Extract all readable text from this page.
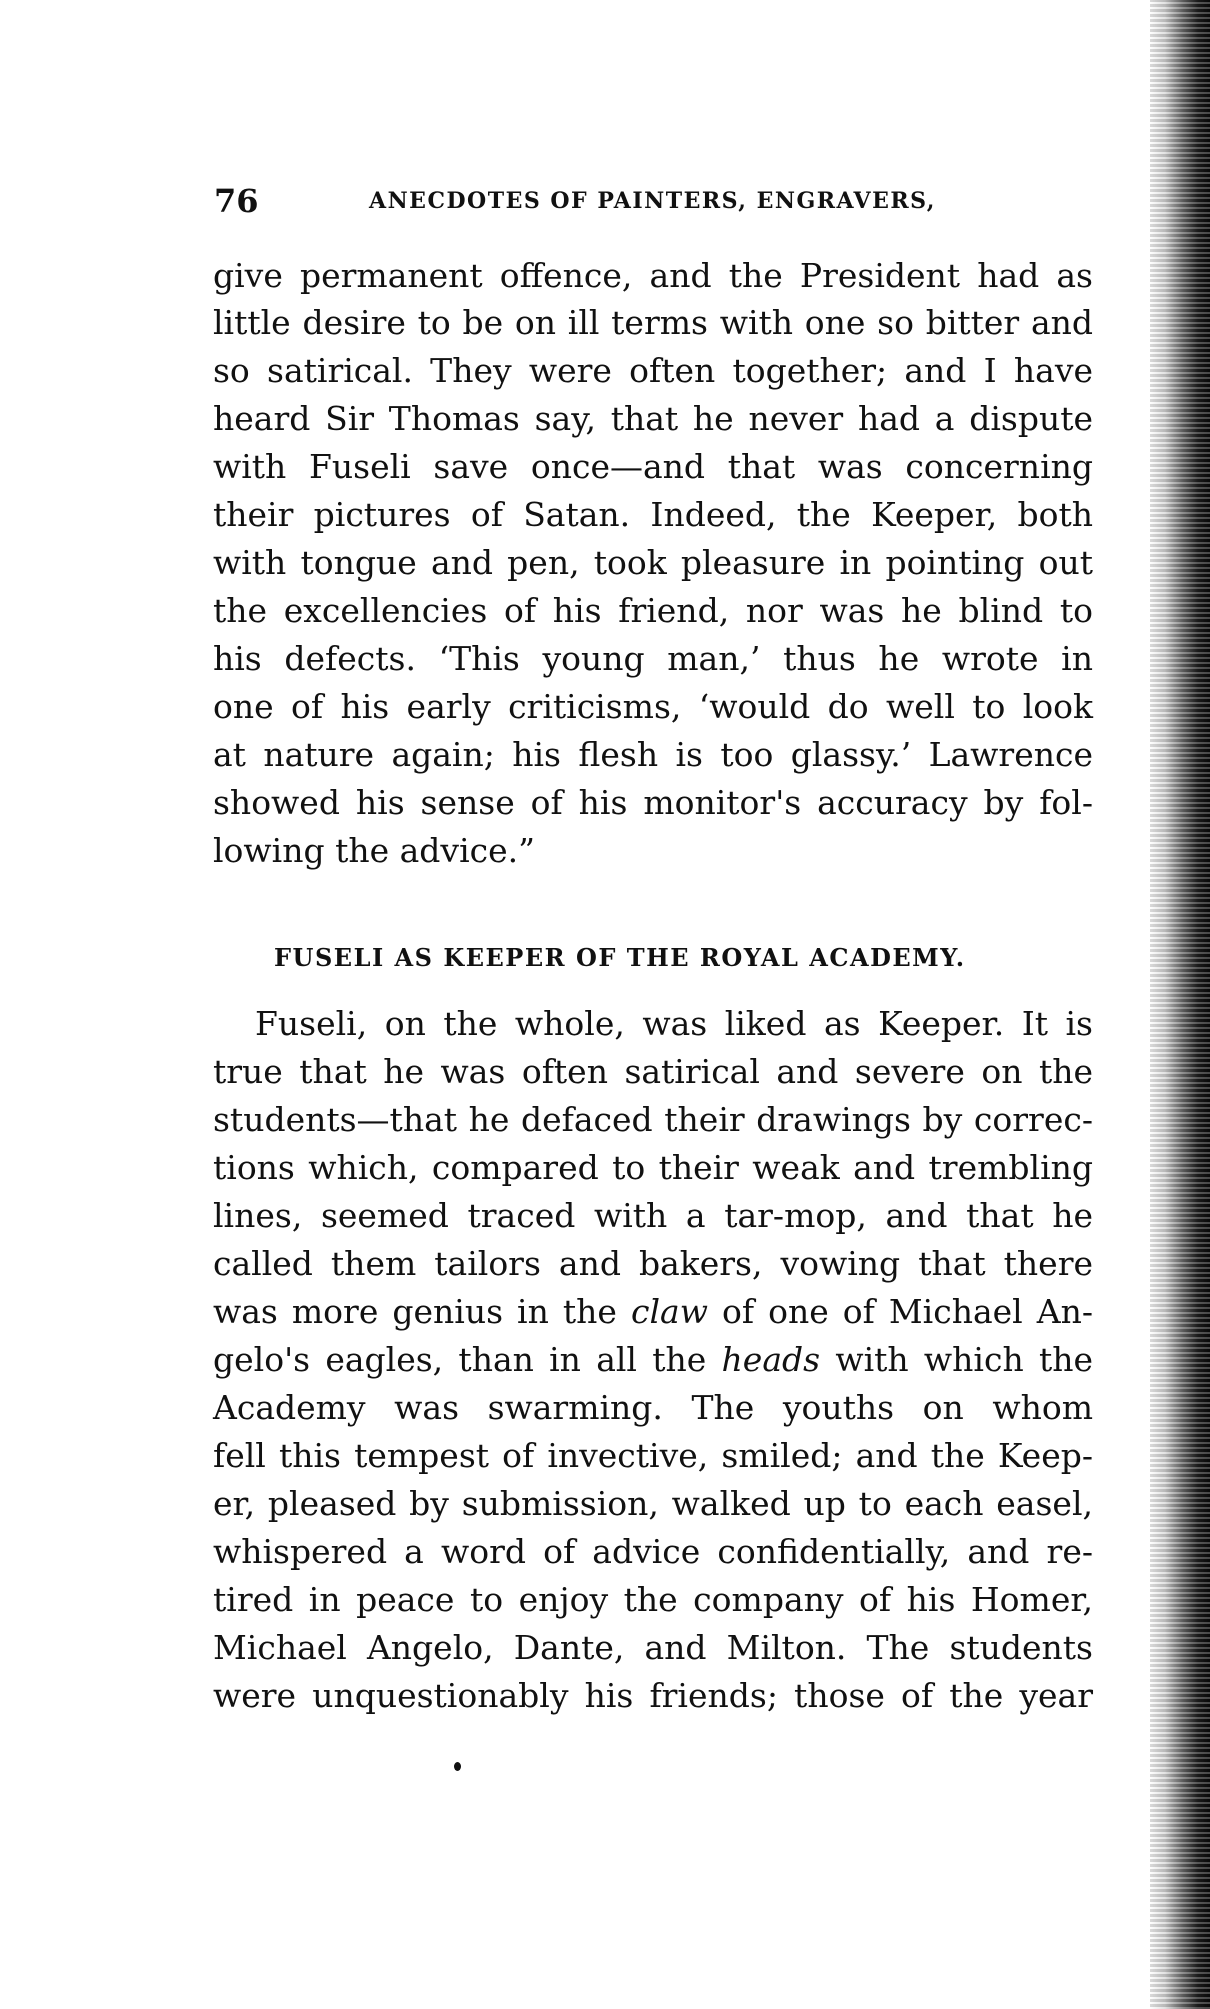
76	ANECDOTES OF PAINTERS, ENGRAVERS,
give permanent offence, and the President had as
little desire to be on ill terms with one so bitter and
so satirical. They were often together; and I have
heard Sir Thomas say, that he never had a dispute
with Fuseli save once—and that was concerning
their pictures of Satan. Indeed, the Keeper, both
with tongue and pen, took pleasure in pointing out
the excellencies of his friend, nor was he blind to
his defects. ‘This young man,’ thus he wrote in
one of his early criticisms, ‘would do well to look
at nature again; his flesh is too glassy.’ Lawrence
showed his sense of his monitor's accuracy by fol-
lowing the advice.”
FUSELI AS KEEPER OF THE ROYAL ACADEMY.
Fuseli, on the whole, was liked as Keeper. It is
true that he was often satirical and severe on the
students—that he defaced their drawings by correc-
tions which, compared to their weak and trembling
lines, seemed traced with a tar-mop, and that he
called them tailors and bakers, vowing that there
was more genius in the claw of one of Michael An-
gelo's eagles, than in all the heads with which the
Academy was swarming. The youths on whom
fell this tempest of invective, smiled; and the Keep-
er, pleased by submission, walked up to each easel,
whispered a word of advice confidentially, and re-
tired in peace to enjoy the company of his Homer,
Michael Angelo, Dante, and Milton. The students
were unquestionably his friends; those of the year
